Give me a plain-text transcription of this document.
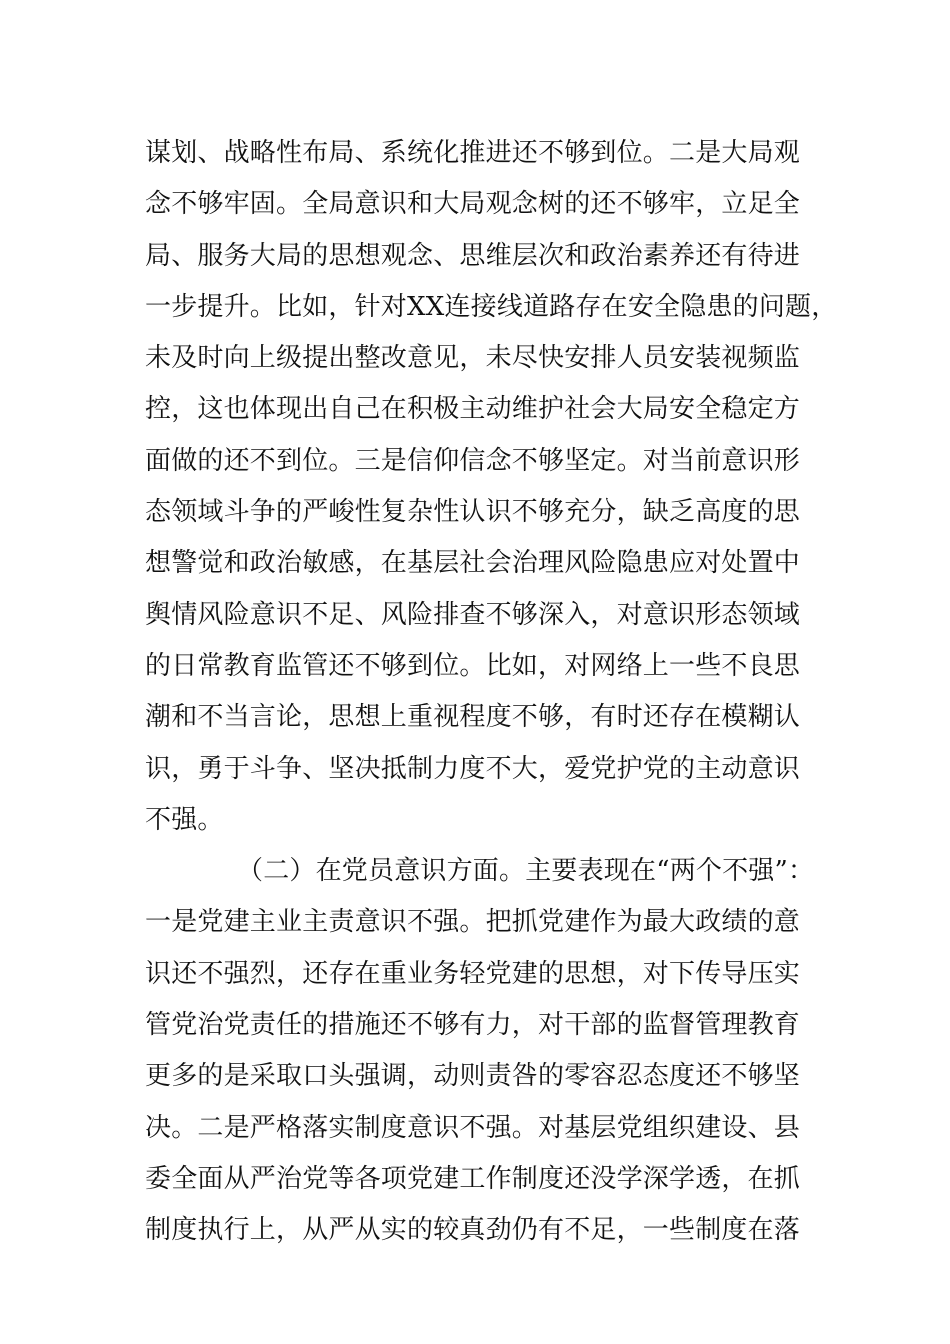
谋划、战略性布局、系统化推进还不够到位。二是大局观
念不够牢固。全局意识和大局观念树的还不够牢，立足全
局、服务大局的思想观念、思维层次和政治素养还有待进
一步提升。比如，针对XX连接线道路存在安全隐患的问题，
未及时向上级提出整改意见，未尽快安排人员安装视频监
控，这也体现出自己在积极主动维护社会大局安全稳定方
面做的还不到位。三是信仰信念不够坚定。对当前意识形
态领域斗争的严峻性复杂性认识不够充分，缺乏高度的思
想警觉和政治敏感，在基层社会治理风险隐患应对处置中
舆情风险意识不足、风险排查不够深入，对意识形态领域
的日常教育监管还不够到位。比如，对网络上一些不良思
潮和不当言论，思想上重视程度不够，有时还存在模糊认
识，勇于斗争、坚决抵制力度不大，爱党护党的主动意识
不强。
（二）在党员意识方面。主要表现在“两个不强”：
一是党建主业主责意识不强。把抓党建作为最大政绩的意
识还不强烈，还存在重业务轻党建的思想，对下传导压实
管党治党责任的措施还不够有力，对干部的监督管理教育
更多的是采取口头强调，动则责咎的零容忍态度还不够坚
决。二是严格落实制度意识不强。对基层党组织建设、县
委全面从严治党等各项党建工作制度还没学深学透，在抓
制度执行上，从严从实的较真劲仍有不足，一些制度在落
